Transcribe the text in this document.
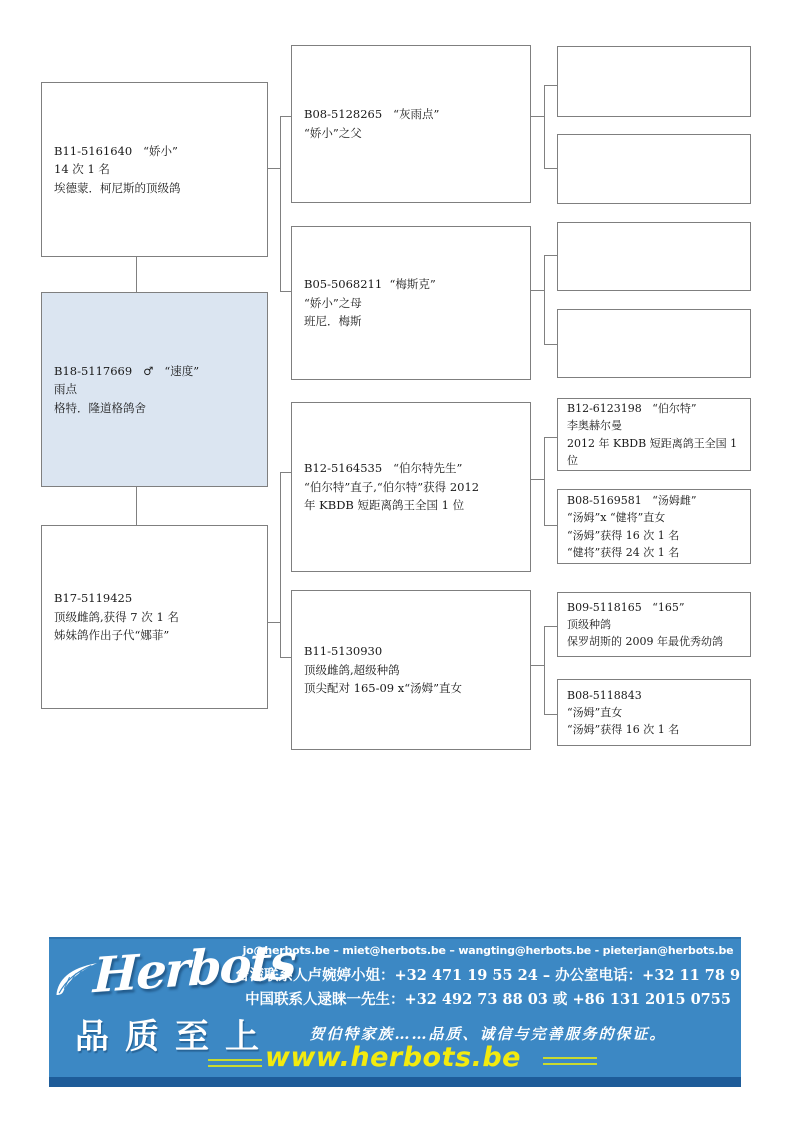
B11-5161640   “娇小”
14 次 1 名
埃德蒙．柯尼斯的顶级鸽
B18-5117669   ♂   “速度”
雨点
格特．隆道格鸽舍
B17-5119425
顶级雌鸽,获得 7 次 1 名
姊妹鸽作出子代“娜菲”
B08-5128265   “灰雨点”
“娇小”之父
B05-5068211  “梅斯克”
“娇小”之母
班尼．梅斯
B12-5164535   “伯尔特先生”
“伯尔特”直子,“伯尔特”获得 2012
年 KBDB 短距离鸽王全国 1 位
B11-5130930
顶级雌鸽,超级种鸽
顶尖配对 165-09 x“汤姆”直女
B12-6123198   “伯尔特”
李奥赫尔曼
2012 年 KBDB 短距离鸽王全国 1
位
B08-5169581   “汤姆雌”
“汤姆”x “健将”直女
“汤姆”获得 16 次 1 名
“健将”获得 24 次 1 名
B09-5118165   “165”
顶级种鸽
保罗胡斯的 2009 年最优秀幼鸽
B08-5118843
“汤姆”直女
“汤姆”获得 16 次 1 名
Herbots
品质至上
jo@herbots.be – miet@herbots.be – wangting@herbots.be - pieterjan@herbots.be
台湾联系人卢婉婷小姐：+32 471 19 55 24 – 办公室电话：+32 11 78 91 90
中国联系人逯睐一先生：+32 492 73 88 03 或 +86 131 2015 0755
贺伯特家族……品质、诚信与完善服务的保证。
www.herbots.be
